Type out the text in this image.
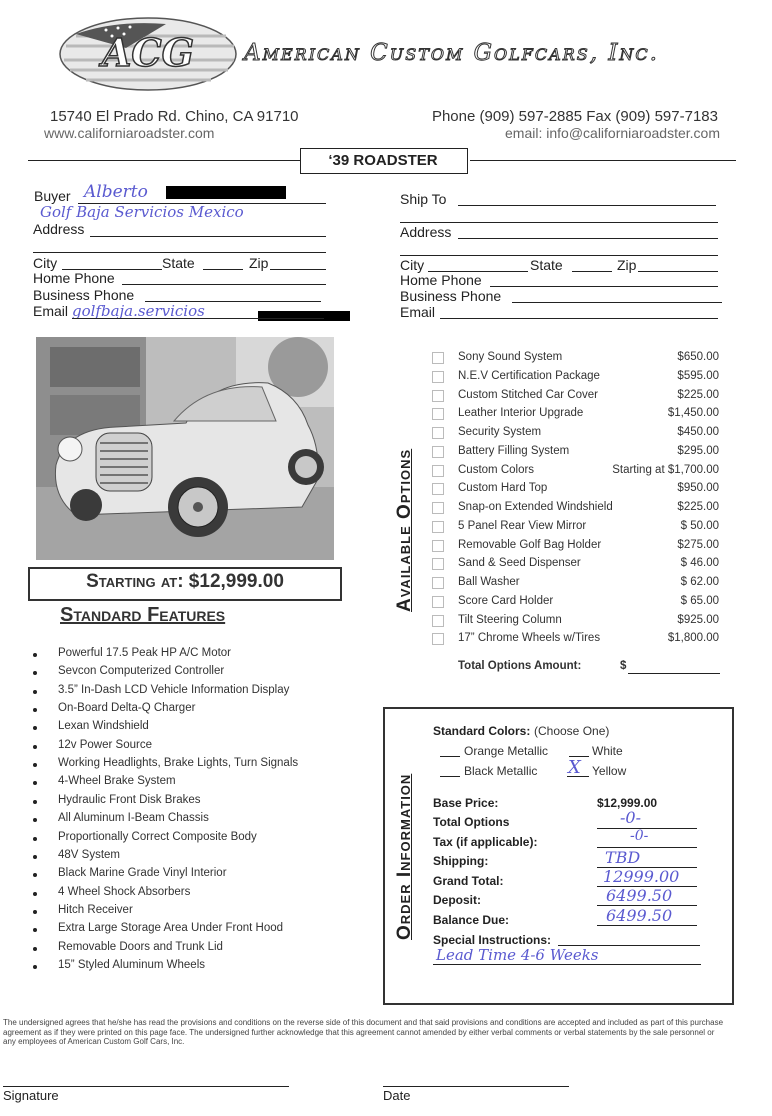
ACG American Custom Golfcars, Inc.
15740 El Prado Rd. Chino, CA 91710
www.californiaroadster.com
Phone (909) 597-2885 Fax (909) 597-7183
email: info@californiaroadster.com
‘39 ROADSTER
Buyer Alberto
Golf Baja Servicios Mexico
Address
City	State	Zip
Home Phone
Business Phone
Email golfbaja.servicios
Ship To
Address
City	State	Zip
Home Phone
Business Phone
Email
Starting at: $12,999.00
Standard Features
Powerful 17.5 Peak HP A/C Motor
Sevcon Computerized Controller
3.5” In-Dash LCD Vehicle Information Display
On-Board Delta-Q Charger
Lexan Windshield
12v Power Source
Working Headlights, Brake Lights, Turn Signals
4-Wheel Brake System
Hydraulic Front Disk Brakes
All Aluminum I-Beam Chassis
Proportionally Correct Composite Body
48V System
Black Marine Grade Vinyl Interior
4 Wheel Shock Absorbers
Hitch Receiver
Extra Large Storage Area Under Front Hood
Removable Doors and Trunk Lid
15” Styled Aluminum Wheels
Available Options
Sony Sound System	$650.00
N.E.V Certification Package	$595.00
Custom Stitched Car Cover	$225.00
Leather Interior Upgrade	$1,450.00
Security System	$450.00
Battery Filling System	$295.00
Custom Colors	Starting at $1,700.00
Custom Hard Top	$950.00
Snap-on Extended Windshield	$225.00
5 Panel Rear View Mirror	$ 50.00
Removable Golf Bag Holder	$275.00
Sand & Seed Dispenser	$ 46.00
Ball Washer	$ 62.00
Score Card Holder	$ 65.00
Tilt Steering Column	$925.00
17” Chrome Wheels w/Tires	$1,800.00
Total Options Amount:	$
Order Information
Standard Colors: (Choose One)
Orange Metallic	White
Black Metallic X Yellow
Base Price:	$12,999.00
Total Options	-0-
Tax (if applicable):	-0-
Shipping:	TBD
Grand Total:	12999.00
Deposit:	6499.50
Balance Due:	6499.50
Special Instructions:
Lead Time 4-6 Weeks
The undersigned agrees that he/she has read the provisions and conditions on the reverse side of this document and that said provisions and conditions are accepted and included as part of this purchase agreement as if they were printed on this page face. The undersigned further acknowledge that this agreement cannot amended by either verbal comments or verbal statements by the sale personnel or any employees of American Custom Golf Cars, Inc.
Signature	Date
